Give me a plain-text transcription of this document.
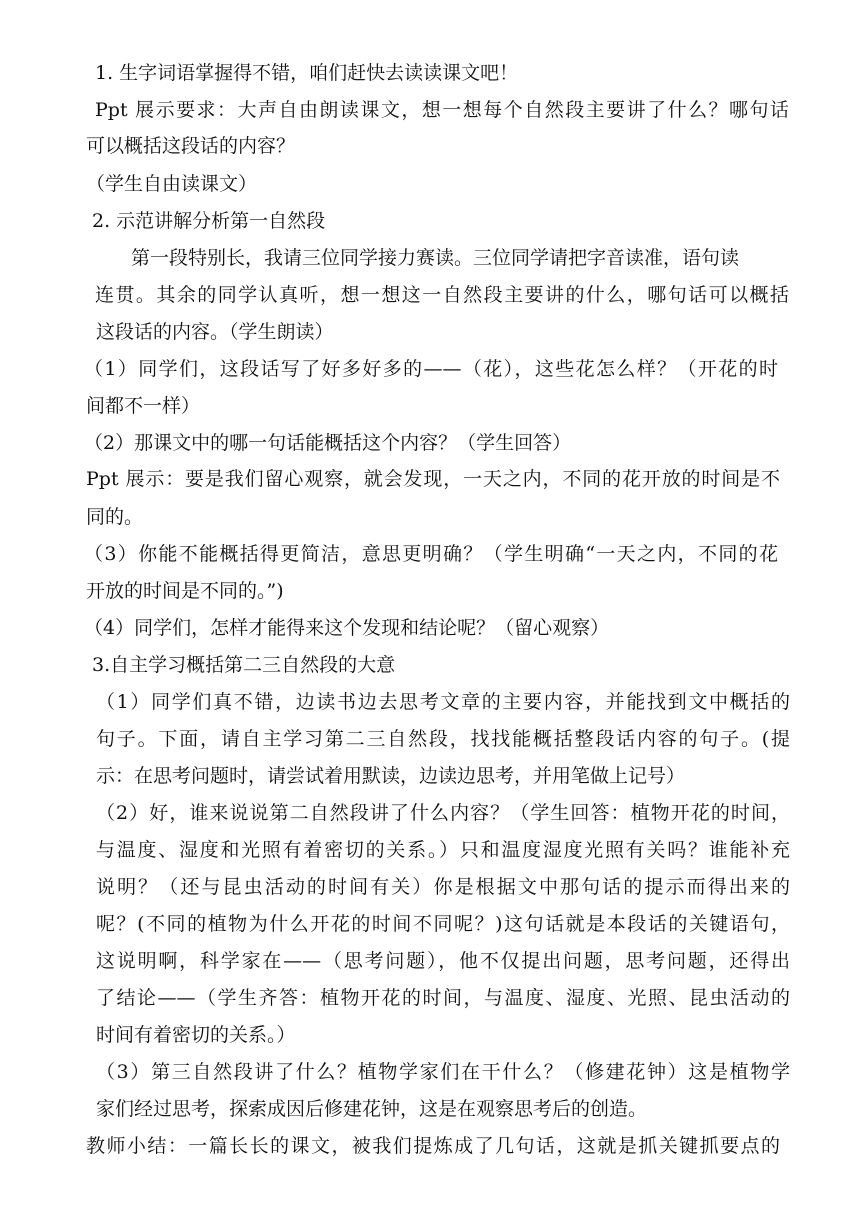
1. 生字词语掌握得不错，咱们赶快去读读课文吧！
Ppt 展示要求：大声自由朗读课文，想一想每个自然段主要讲了什么？哪句话
可以概括这段话的内容？
（学生自由读课文）
2. 示范讲解分析第一自然段
第一段特别长，我请三位同学接力赛读。三位同学请把字音读准，语句读
连贯。其余的同学认真听，想一想这一自然段主要讲的什么，哪句话可以概括
这段话的内容。（学生朗读）
（1）同学们，这段话写了好多好多的——（花），这些花怎么样？（开花的时
间都不一样）
（2）那课文中的哪一句话能概括这个内容？（学生回答）
Ppt 展示：要是我们留心观察，就会发现，一天之内，不同的花开放的时间是不
同的。
（3）你能不能概括得更简洁，意思更明确？（学生明确“一天之内，不同的花
开放的时间是不同的。”)
（4）同学们，怎样才能得来这个发现和结论呢？（留心观察）
3.自主学习概括第二三自然段的大意
（1）同学们真不错，边读书边去思考文章的主要内容，并能找到文中概括的
句子。下面，请自主学习第二三自然段，找找能概括整段话内容的句子。(提
示：在思考问题时，请尝试着用默读，边读边思考，并用笔做上记号）
（2）好，谁来说说第二自然段讲了什么内容？（学生回答：植物开花的时间，
与温度、湿度和光照有着密切的关系。）只和温度湿度光照有关吗？谁能补充
说明？（还与昆虫活动的时间有关）你是根据文中那句话的提示而得出来的
呢？(不同的植物为什么开花的时间不同呢？)这句话就是本段话的关键语句，
这说明啊，科学家在——（思考问题），他不仅提出问题，思考问题，还得出
了结论——（学生齐答：植物开花的时间，与温度、湿度、光照、昆虫活动的
时间有着密切的关系。）
（3）第三自然段讲了什么？植物学家们在干什么？（修建花钟）这是植物学
家们经过思考，探索成因后修建花钟，这是在观察思考后的创造。
教师小结：一篇长长的课文，被我们提炼成了几句话，这就是抓关键抓要点的
